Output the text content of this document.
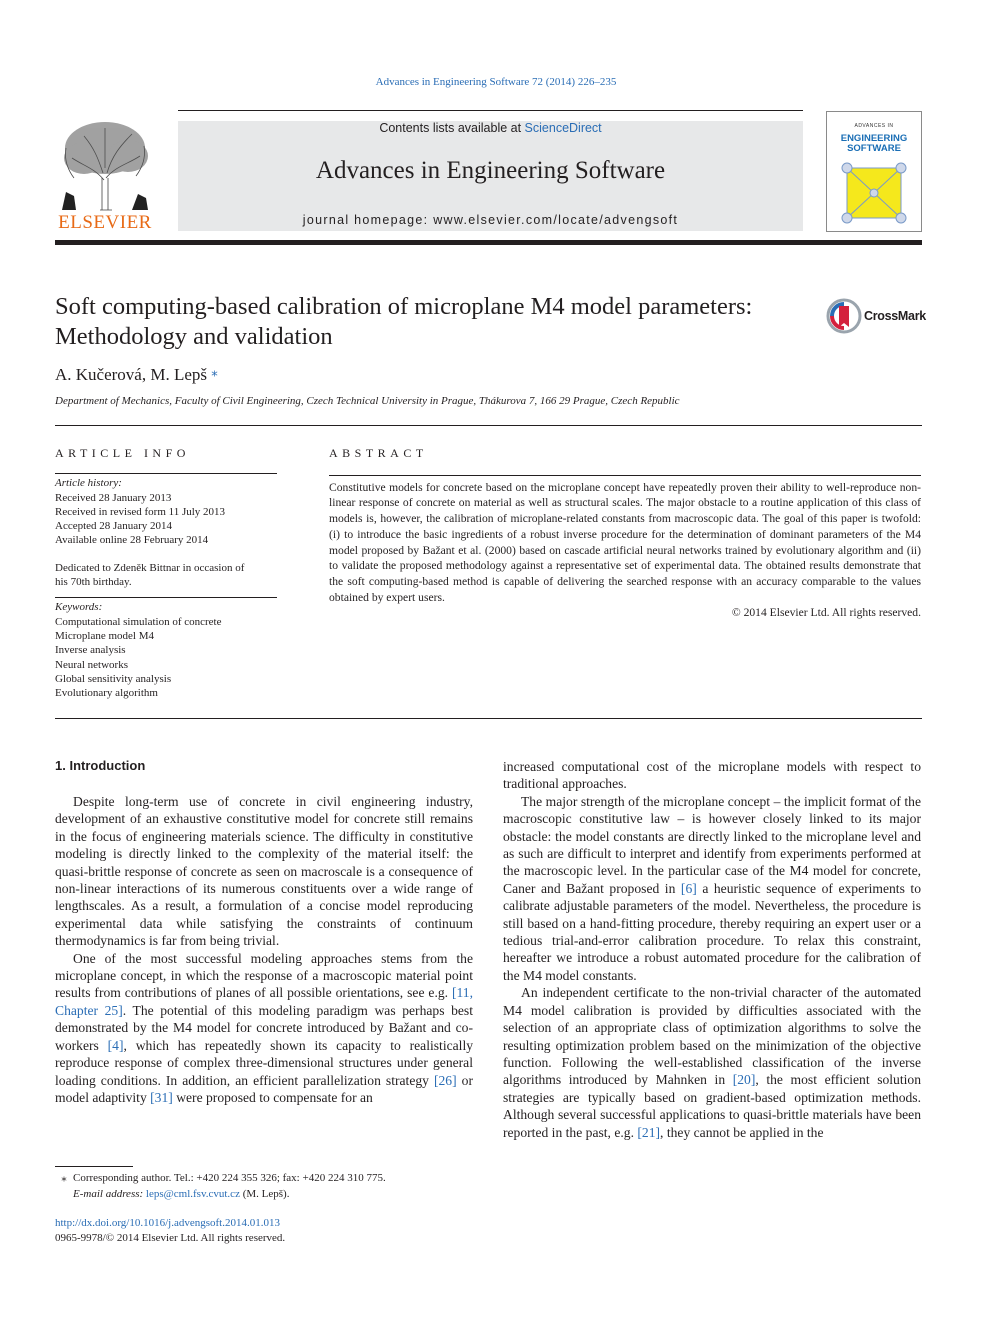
Advances in Engineering Software 72 (2014) 226–235
ELSEVIER
Contents lists available at ScienceDirect
Advances in Engineering Software
journal homepage: www.elsevier.com/locate/advengsoft
ADVANCES IN
ENGINEERING
SOFTWARE
Soft computing-based calibration of microplane M4 model parameters:
Methodology and validation
CrossMark
A. Kučerová, M. Lepš ⁎
Department of Mechanics, Faculty of Civil Engineering, Czech Technical University in Prague, Thákurova 7, 166 29 Prague, Czech Republic
ARTICLE INFO
Article history:
Received 28 January 2013
Received in revised form 11 July 2013
Accepted 28 January 2014
Available online 28 February 2014
Dedicated to Zdeněk Bittnar in occasion of
his 70th birthday.
Keywords:
Computational simulation of concrete
Microplane model M4
Inverse analysis
Neural networks
Global sensitivity analysis
Evolutionary algorithm
ABSTRACT
Constitutive models for concrete based on the microplane concept have repeatedly proven their ability to well-reproduce non-linear response of concrete on material as well as structural scales. The major obstacle to a routine application of this class of models is, however, the calibration of microplane-related constants from macroscopic data. The goal of this paper is twofold: (i) to introduce the basic ingredients of a robust inverse procedure for the determination of dominant parameters of the M4 model proposed by Bažant et al. (2000) based on cascade artificial neural networks trained by evolutionary algorithm and (ii) to validate the proposed methodology against a representative set of experimental data. The obtained results demonstrate that the soft computing-based method is capable of delivering the searched response with an accuracy comparable to the values obtained by expert users.
© 2014 Elsevier Ltd. All rights reserved.
1. Introduction

Despite long-term use of concrete in civil engineering industry, development of an exhaustive constitutive model for concrete still remains in the focus of engineering materials science. The difficulty in constitutive modeling is directly linked to the complexity of the material itself: the quasi-brittle response of concrete as seen on macroscale is a consequence of non-linear interactions of its numerous constituents over a wide range of lengthscales. As a result, a formulation of a concise model reproducing experimental data while satisfying the constraints of continuum thermodynamics is far from being trivial.

One of the most successful modeling approaches stems from the microplane concept, in which the response of a macroscopic material point results from contributions of planes of all possible orientations, see e.g. [11, Chapter 25]. The potential of this modeling paradigm was perhaps best demonstrated by the M4 model for concrete introduced by Bažant and co-workers [4], which has repeatedly shown its capacity to realistically reproduce response of complex three-dimensional structures under general loading conditions. In addition, an efficient parallelization strategy [26] or model adaptivity [31] were proposed to compensate for an

increased computational cost of the microplane models with respect to traditional approaches.

The major strength of the microplane concept – the implicit format of the macroscopic constitutive law – is however closely linked to its major obstacle: the model constants are directly linked to the microplane level and as such are difficult to interpret and identify from experiments performed at the macroscopic level. In the particular case of the M4 model for concrete, Caner and Bažant proposed in [6] a heuristic sequence of experiments to calibrate adjustable parameters of the model. Nevertheless, the procedure is still based on a hand-fitting procedure, thereby requiring an expert user or a tedious trial-and-error calibration procedure. To relax this constraint, hereafter we introduce a robust automated procedure for the calibration of the M4 model constants.

An independent certificate to the non-trivial character of the automated M4 model calibration is provided by difficulties associated with the selection of an appropriate class of optimization algorithms to solve the resulting optimization problem based on the minimization of the objective function. Following the well-established classification of the inverse algorithms introduced by Mahnken in [20], the most efficient solution strategies are typically based on gradient-based optimization methods. Although several successful applications to quasi-brittle materials have been reported in the past, e.g. [21], they cannot be applied in the

⁎ Corresponding author. Tel.: +420 224 355 326; fax: +420 224 310 775.
E-mail address: leps@cml.fsv.cvut.cz (M. Lepš).
http://dx.doi.org/10.1016/j.advengsoft.2014.01.013
0965-9978/© 2014 Elsevier Ltd. All rights reserved.
